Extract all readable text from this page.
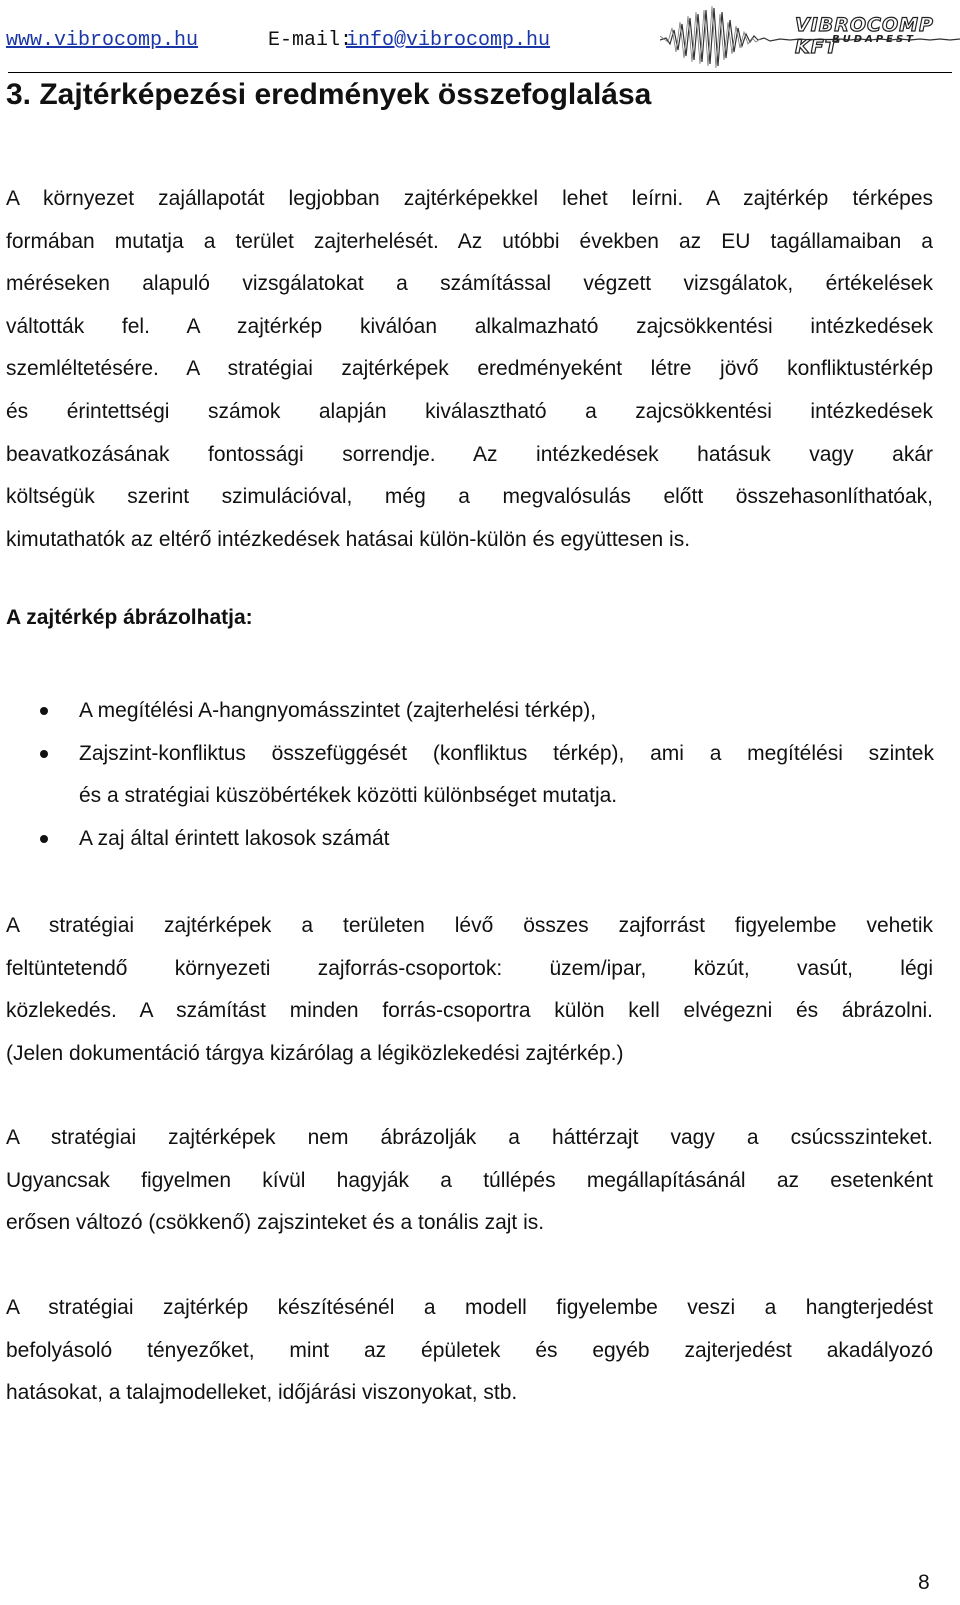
www.vibrocomp.hu	E-mail:
info@vibrocomp.hu
VIBROCOMP KFT
BUDAPEST
3. Zajtérképezési eredmények összefoglalása
A környezet zajállapotát legjobban zajtérképekkel lehet leírni. A zajtérkép térképes
formában mutatja a terület zajterhelését. Az utóbbi években az EU tagállamaiban a
méréseken alapuló vizsgálatokat a számítással végzett vizsgálatok, értékelések
váltották fel. A zajtérkép kiválóan alkalmazható zajcsökkentési intézkedések
szemléltetésére. A stratégiai zajtérképek eredményeként létre jövő konfliktustérkép
és érintettségi számok alapján kiválasztható a zajcsökkentési intézkedések
beavatkozásának fontossági sorrendje. Az intézkedések hatásuk vagy akár
költségük szerint szimulációval, még a megvalósulás előtt összehasonlíthatóak,
kimutathatók az eltérő intézkedések hatásai külön-külön és együttesen is.

A zajtérkép ábrázolhatja:

A megítélési A-hangnyomásszintet (zajterhelési térkép),
Zajszint-konfliktus összefüggését (konfliktus térkép), ami a megítélési szintek
és a stratégiai küszöbértékek közötti különbséget mutatja.
A zaj által érintett lakosok számát
A stratégiai zajtérképek a területen lévő összes zajforrást figyelembe vehetik
feltüntetendő környezeti zajforrás-csoportok: üzem/ipar, közút, vasút, légi
közlekedés. A számítást minden forrás-csoportra külön kell elvégezni és ábrázolni.
(Jelen dokumentáció tárgya kizárólag a légiközlekedési zajtérkép.)
A stratégiai zajtérképek nem ábrázolják a háttérzajt vagy a csúcsszinteket.
Ugyancsak figyelmen kívül hagyják a túllépés megállapításánál az esetenként
erősen változó (csökkenő) zajszinteket és a tonális zajt is.
A stratégiai zajtérkép készítésénél a modell figyelembe veszi a hangterjedést
befolyásoló tényezőket, mint az épületek és egyéb zajterjedést akadályozó
hatásokat, a talajmodelleket, időjárási viszonyokat, stb.
8
